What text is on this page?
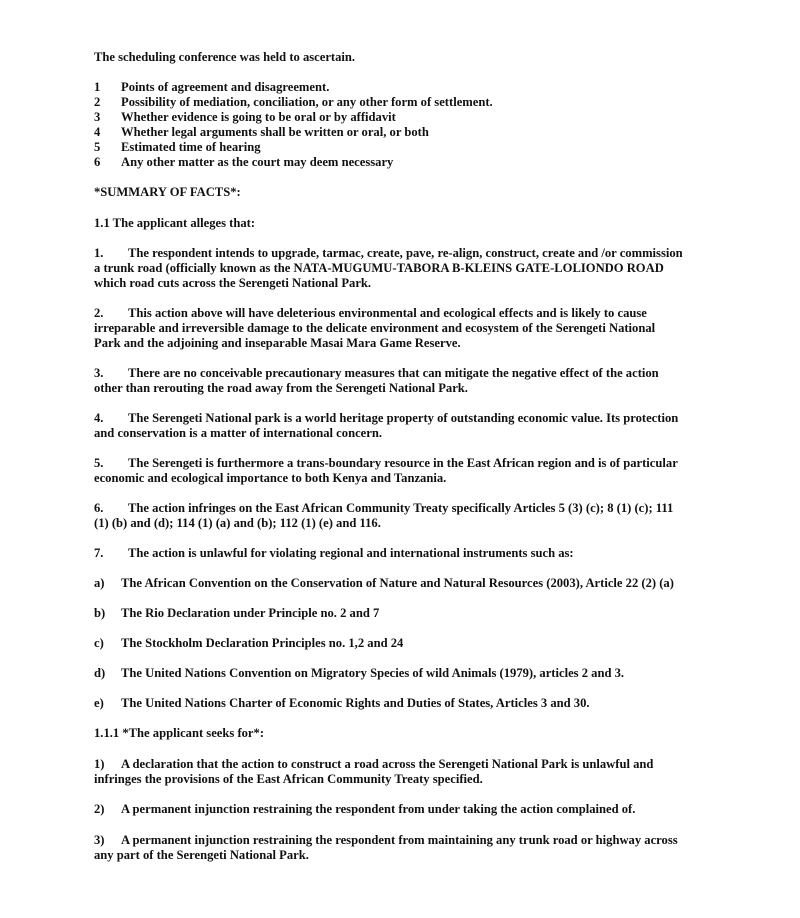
The scheduling conference was held to ascertain.
1 Points of agreement and disagreement.
2 Possibility of mediation, conciliation, or any other form of settlement.
3 Whether evidence is going to be oral or by affidavit
4 Whether legal arguments shall be written or oral, or both
5 Estimated time of hearing
6 Any other matter as the court may deem necessary
*SUMMARY OF FACTS*:
1.1 The applicant alleges that:
1. The respondent intends to upgrade, tarmac, create, pave, re-align, construct, create and /or commission
a trunk road (officially known as the NATA-MUGUMU-TABORA B-KLEINS GATE-LOLIONDO ROAD
which road cuts across the Serengeti National Park.
2. This action above will have deleterious environmental and ecological effects and is likely to cause
irreparable and irreversible damage to the delicate environment and ecosystem of the Serengeti National
Park and the adjoining and inseparable Masai Mara Game Reserve.
3. There are no conceivable precautionary measures that can mitigate the negative effect of the action
other than rerouting the road away from the Serengeti National Park.
4. The Serengeti National park is a world heritage property of outstanding economic value. Its protection
and conservation is a matter of international concern.
5. The Serengeti is furthermore a trans-boundary resource in the East African region and is of particular
economic and ecological importance to both Kenya and Tanzania.
6. The action infringes on the East African Community Treaty specifically Articles 5 (3) (c); 8 (1) (c); 111
(1) (b) and (d); 114 (1) (a) and (b); 112 (1) (e) and 116.
7. The action is unlawful for violating regional and international instruments such as:
a) The African Convention on the Conservation of Nature and Natural Resources (2003), Article 22 (2) (a)
b) The Rio Declaration under Principle no. 2 and 7
c) The Stockholm Declaration Principles no. 1,2 and 24
d) The United Nations Convention on Migratory Species of wild Animals (1979), articles 2 and 3.
e) The United Nations Charter of Economic Rights and Duties of States, Articles 3 and 30.
1.1.1 *The applicant seeks for*:
1) A declaration that the action to construct a road across the Serengeti National Park is unlawful and
infringes the provisions of the East African Community Treaty specified.
2) A permanent injunction restraining the respondent from under taking the action complained of.
3) A permanent injunction restraining the respondent from maintaining any trunk road or highway across
any part of the Serengeti National Park.
